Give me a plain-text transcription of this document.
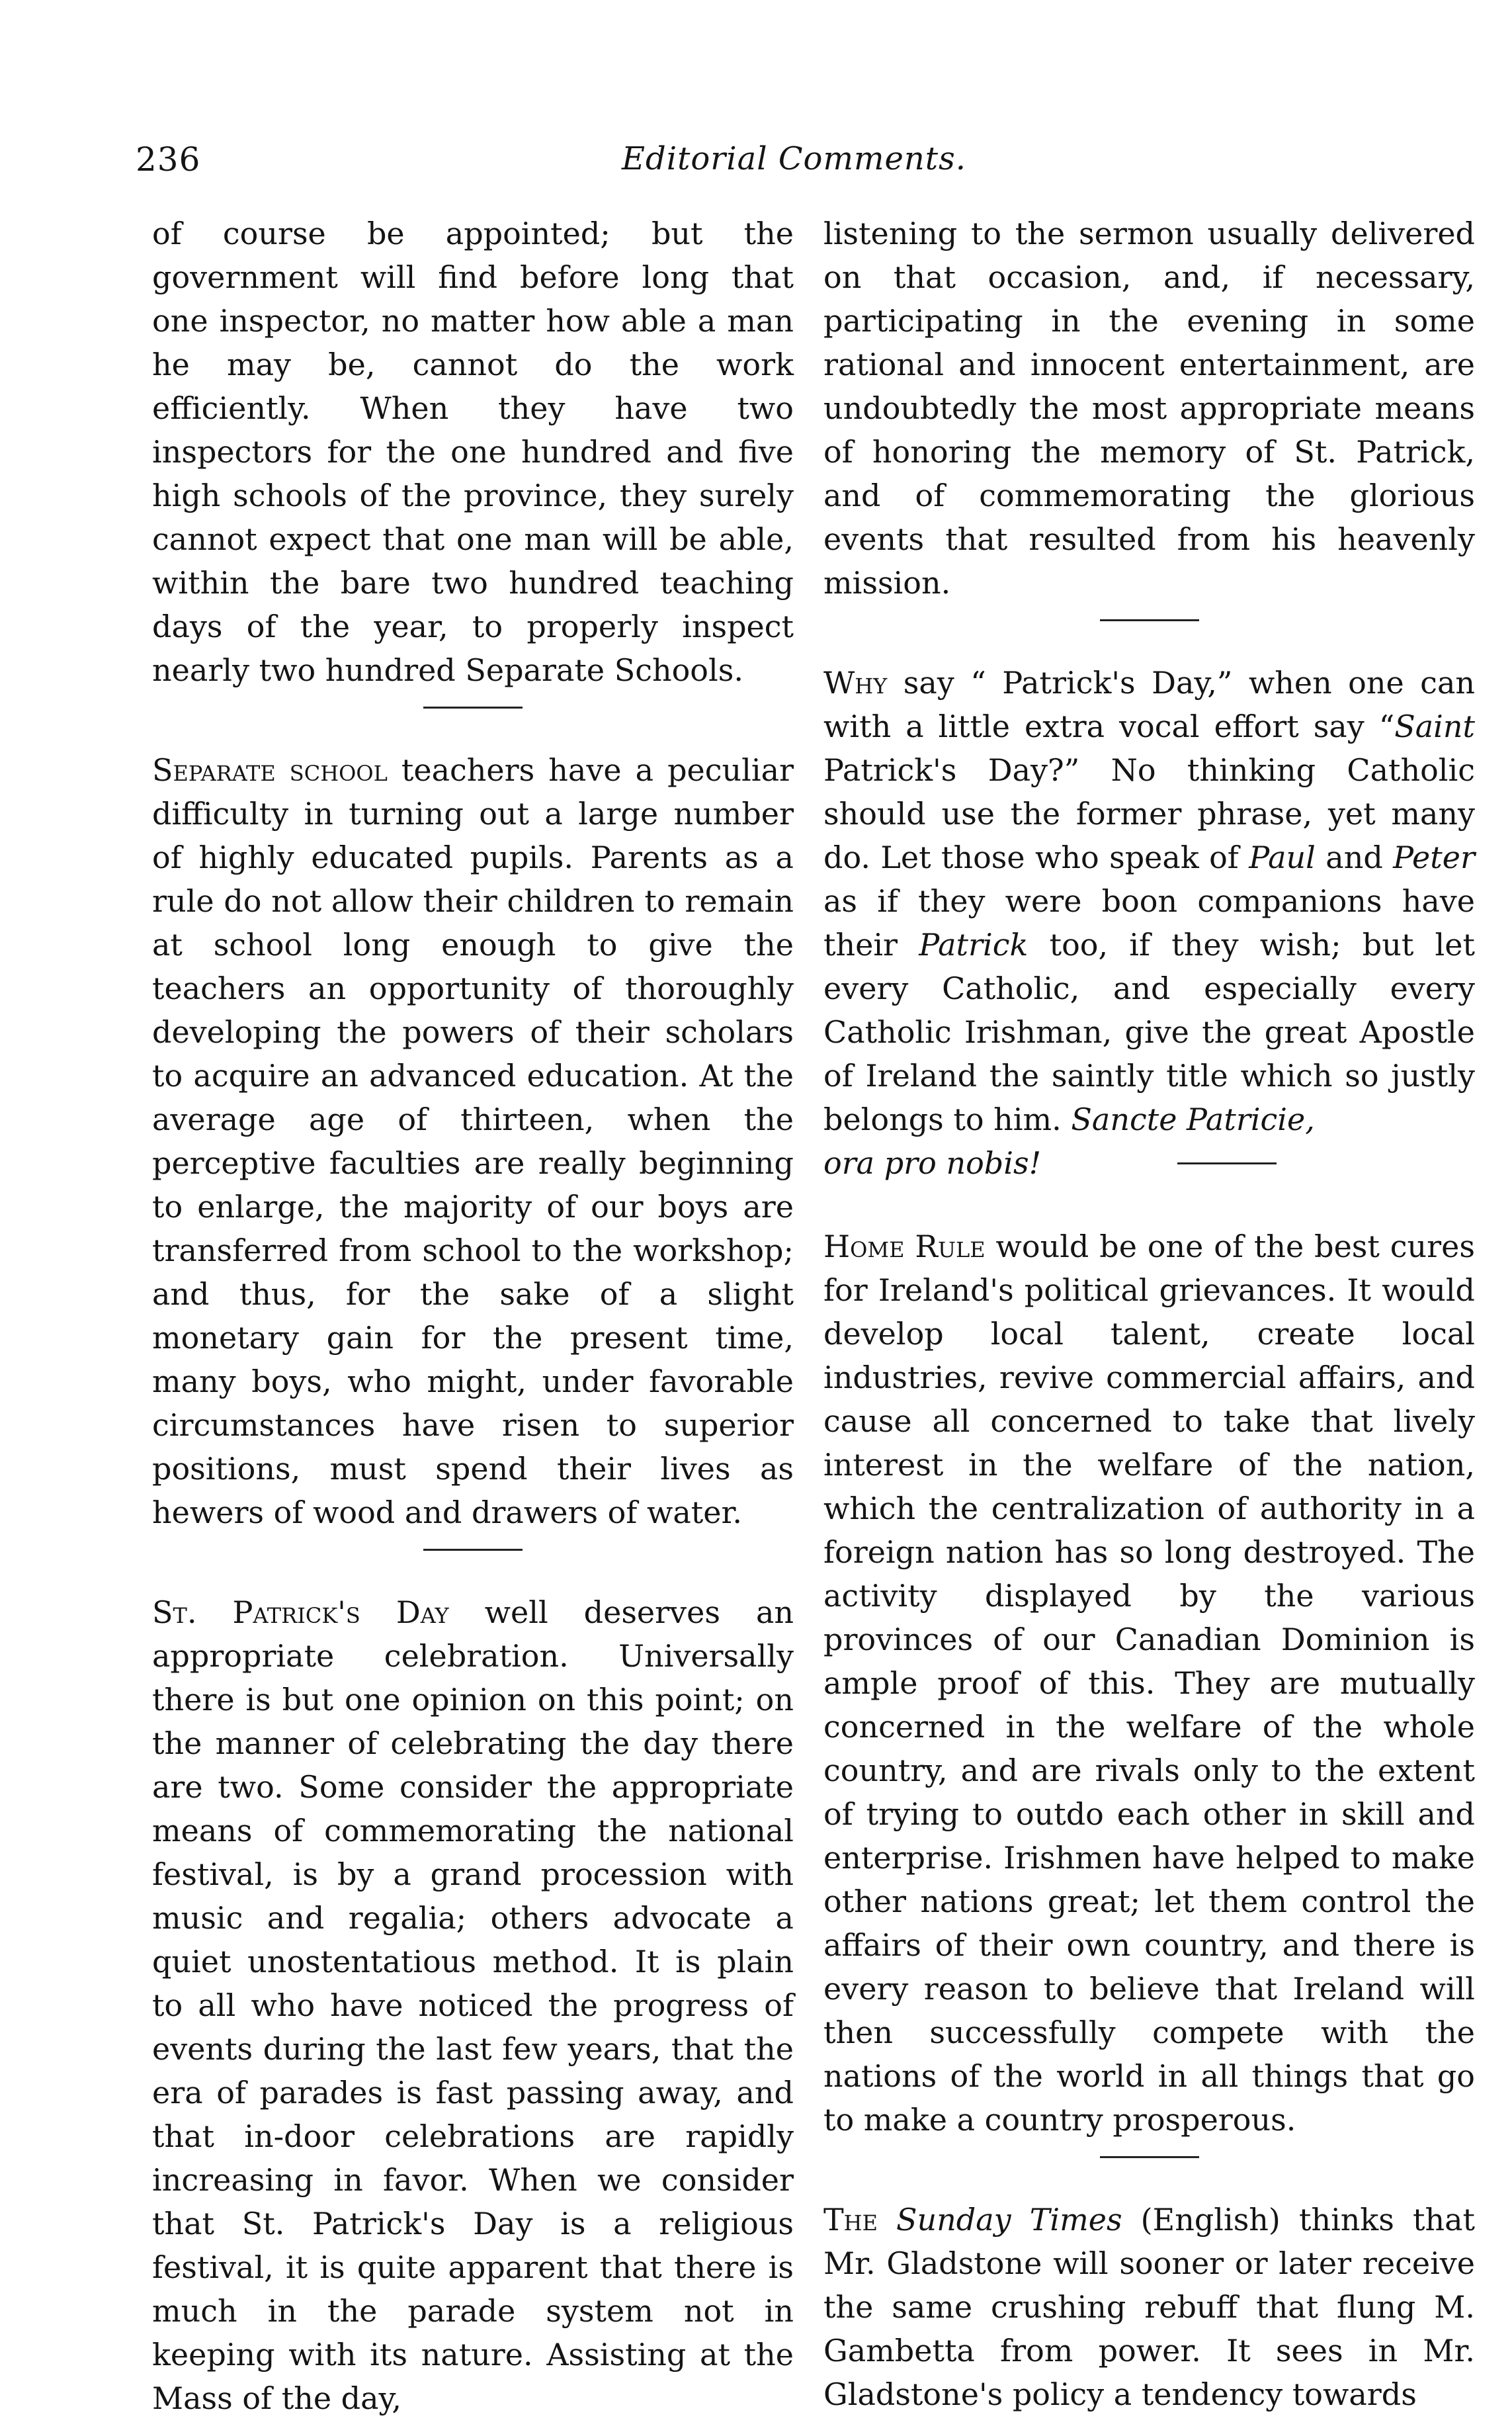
236	Editorial Comments.

of course be appointed; but the government will find before long that one inspector, no matter how able a man he may be, cannot do the work efficiently. When they have two inspectors for the one hundred and five high schools of the province, they surely cannot expect that one man will be able, within the bare two hundred teaching days of the year, to properly inspect nearly two hundred Separate Schools.

Separate school teachers have a peculiar difficulty in turning out a large number of highly educated pupils. Parents as a rule do not allow their children to remain at school long enough to give the teachers an opportunity of thoroughly developing the powers of their scholars to acquire an advanced education. At the average age of thirteen, when the perceptive faculties are really beginning to enlarge, the majority of our boys are transferred from school to the workshop; and thus, for the sake of a slight monetary gain for the present time, many boys, who might, under favorable circumstances have risen to superior positions, must spend their lives as hewers of wood and drawers of water.

St. Patrick's Day well deserves an appropriate celebration. Universally there is but one opinion on this point; on the manner of celebrating the day there are two. Some consider the appropriate means of commemorating the national festival, is by a grand procession with music and regalia; others advocate a quiet unostentatious method. It is plain to all who have noticed the progress of events during the last few years, that the era of parades is fast passing away, and that in-door celebrations are rapidly increasing in favor. When we consider that St. Patrick's Day is a religious festival, it is quite apparent that there is much in the parade system not in keeping with its nature. Assisting at the Mass of the day,

listening to the sermon usually delivered on that occasion, and, if necessary, participating in the evening in some rational and innocent entertainment, are undoubtedly the most appropriate means of honoring the memory of St. Patrick, and of commemorating the glorious events that resulted from his heavenly mission.

Why say “ Patrick's Day,” when one can with a little extra vocal effort say “Saint Patrick's Day?” No thinking Catholic should use the former phrase, yet many do. Let those who speak of Paul and Peter as if they were boon companions have their Patrick too, if they wish; but let every Catholic, and especially every Catholic Irishman, give the great Apostle of Ireland the saintly title which so justly belongs to him. Sancte Patricie,

ora pro nobis!

Home Rule would be one of the best cures for Ireland's political grievances. It would develop local talent, create local industries, revive commercial affairs, and cause all concerned to take that lively interest in the welfare of the nation, which the centralization of authority in a foreign nation has so long destroyed. The activity displayed by the various provinces of our Canadian Dominion is ample proof of this. They are mutually concerned in the welfare of the whole country, and are rivals only to the extent of trying to outdo each other in skill and enterprise. Irishmen have helped to make other nations great; let them control the affairs of their own country, and there is every reason to believe that Ireland will then successfully compete with the nations of the world in all things that go to make a country prosperous.

The Sunday Times (English) thinks that Mr. Gladstone will sooner or later receive the same crushing rebuff that flung M. Gambetta from power. It sees in Mr. Gladstone's policy a tendency towards
